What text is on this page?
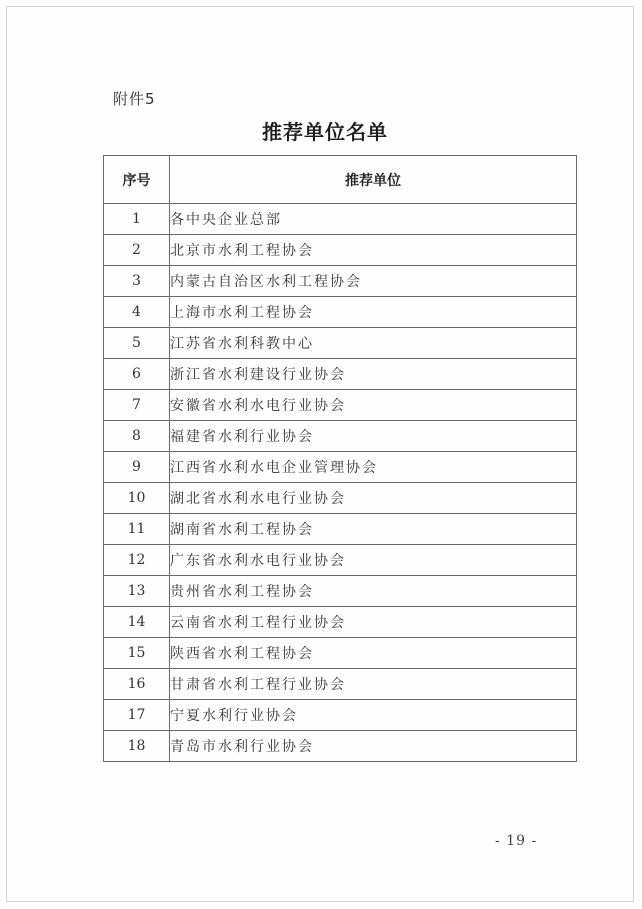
附件5
推荐单位名单
序号	推荐单位
1	各中央企业总部
2	北京市水利工程协会
3	内蒙古自治区水利工程协会
4	上海市水利工程协会
5	江苏省水利科教中心
6	浙江省水利建设行业协会
7	安徽省水利水电行业协会
8	福建省水利行业协会
9	江西省水利水电企业管理协会
10	湖北省水利水电行业协会
11	湖南省水利工程协会
12	广东省水利水电行业协会
13	贵州省水利工程协会
14	云南省水利工程行业协会
15	陕西省水利工程协会
16	甘肃省水利工程行业协会
17	宁夏水利行业协会
18	青岛市水利行业协会
- 19 -
